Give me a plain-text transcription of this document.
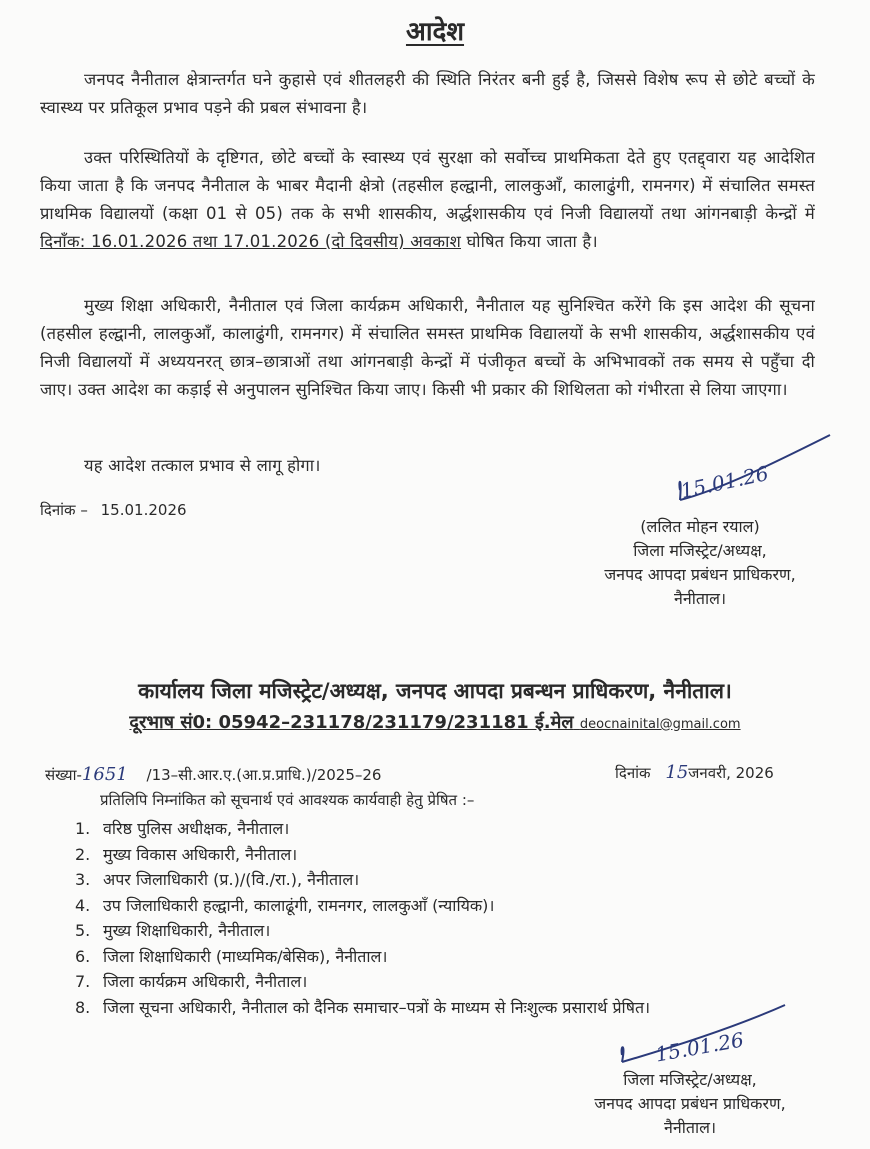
आदेश
जनपद नैनीताल क्षेत्रान्तर्गत घने कुहासे एवं शीतलहरी की स्थिति निरंतर बनी हुई है, जिससे विशेष रूप से छोटे बच्चों के स्वास्थ्य पर प्रतिकूल प्रभाव पड़ने की प्रबल संभावना है।
उक्त परिस्थितियों के दृष्टिगत, छोटे बच्चों के स्वास्थ्य एवं सुरक्षा को सर्वोच्च प्राथमिकता देते हुए एतद्द्वारा यह आदेशित किया जाता है कि जनपद नैनीताल के भाबर मैदानी क्षेत्रो (तहसील हल्द्वानी, लालकुऑं, कालाढुंगी, रामनगर) में संचालित समस्त प्राथमिक विद्यालयों (कक्षा 01 से 05) तक के सभी शासकीय, अर्द्धशासकीय एवं निजी विद्यालयों तथा आंगनबाड़ी केन्द्रों में दिनाँक: 16.01.2026 तथा 17.01.2026 (दो दिवसीय) अवकाश घोषित किया जाता है।
मुख्य शिक्षा अधिकारी, नैनीताल एवं जिला कार्यक्रम अधिकारी, नैनीताल यह सुनिश्चित करेंगे कि इस आदेश की सूचना (तहसील हल्द्वानी, लालकुऑं, कालाढुंगी, रामनगर) में संचालित समस्त प्राथमिक विद्यालयों के सभी शासकीय, अर्द्धशासकीय एवं निजी विद्यालयों में अध्ययनरत् छात्र–छात्राओं तथा आंगनबाड़ी केन्द्रों में पंजीकृत बच्चों के अभिभावकों तक समय से पहुँचा दी जाए। उक्त आदेश का कड़ाई से अनुपालन सुनिश्चित किया जाए। किसी भी प्रकार की शिथिलता को गंभीरता से लिया जाएगा।
यह आदेश तत्काल प्रभाव से लागू होगा।
दिनांक – 15.01.2026
15.01.26
(ललित मोहन रयाल)
जिला मजिस्ट्रेट/अध्यक्ष,
जनपद आपदा प्रबंधन प्राधिकरण,
नैनीताल।
कार्यालय जिला मजिस्ट्रेट/अध्यक्ष, जनपद आपदा प्रबन्धन प्राधिकरण, नैनीताल।
दूरभाष सं0: 05942–231178/231179/231181 ई.मेल deocnainital@gmail.com
संख्या-1651 /13–सी.आर.ए.(आ.प्र.प्राधि.)/2025–26	दिनांक 15जनवरी, 2026
प्रतिलिपि निम्नांकित को सूचनार्थ एवं आवश्यक कार्यवाही हेतु प्रेषित :–
1. वरिष्ठ पुलिस अधीक्षक, नैनीताल।
2. मुख्य विकास अधिकारी, नैनीताल।
3. अपर जिलाधिकारी (प्र.)/(वि./रा.), नैनीताल।
4. उप जिलाधिकारी हल्द्वानी, कालाढूंगी, रामनगर, लालकुऑं (न्यायिक)।
5. मुख्य शिक्षाधिकारी, नैनीताल।
6. जिला शिक्षाधिकारी (माध्यमिक/बेसिक), नैनीताल।
7. जिला कार्यक्रम अधिकारी, नैनीताल।
8. जिला सूचना अधिकारी, नैनीताल को दैनिक समाचार–पत्रों के माध्यम से निःशुल्क प्रसारार्थ प्रेषित।
15.01.26
जिला मजिस्ट्रेट/अध्यक्ष,
जनपद आपदा प्रबंधन प्राधिकरण,
नैनीताल।
